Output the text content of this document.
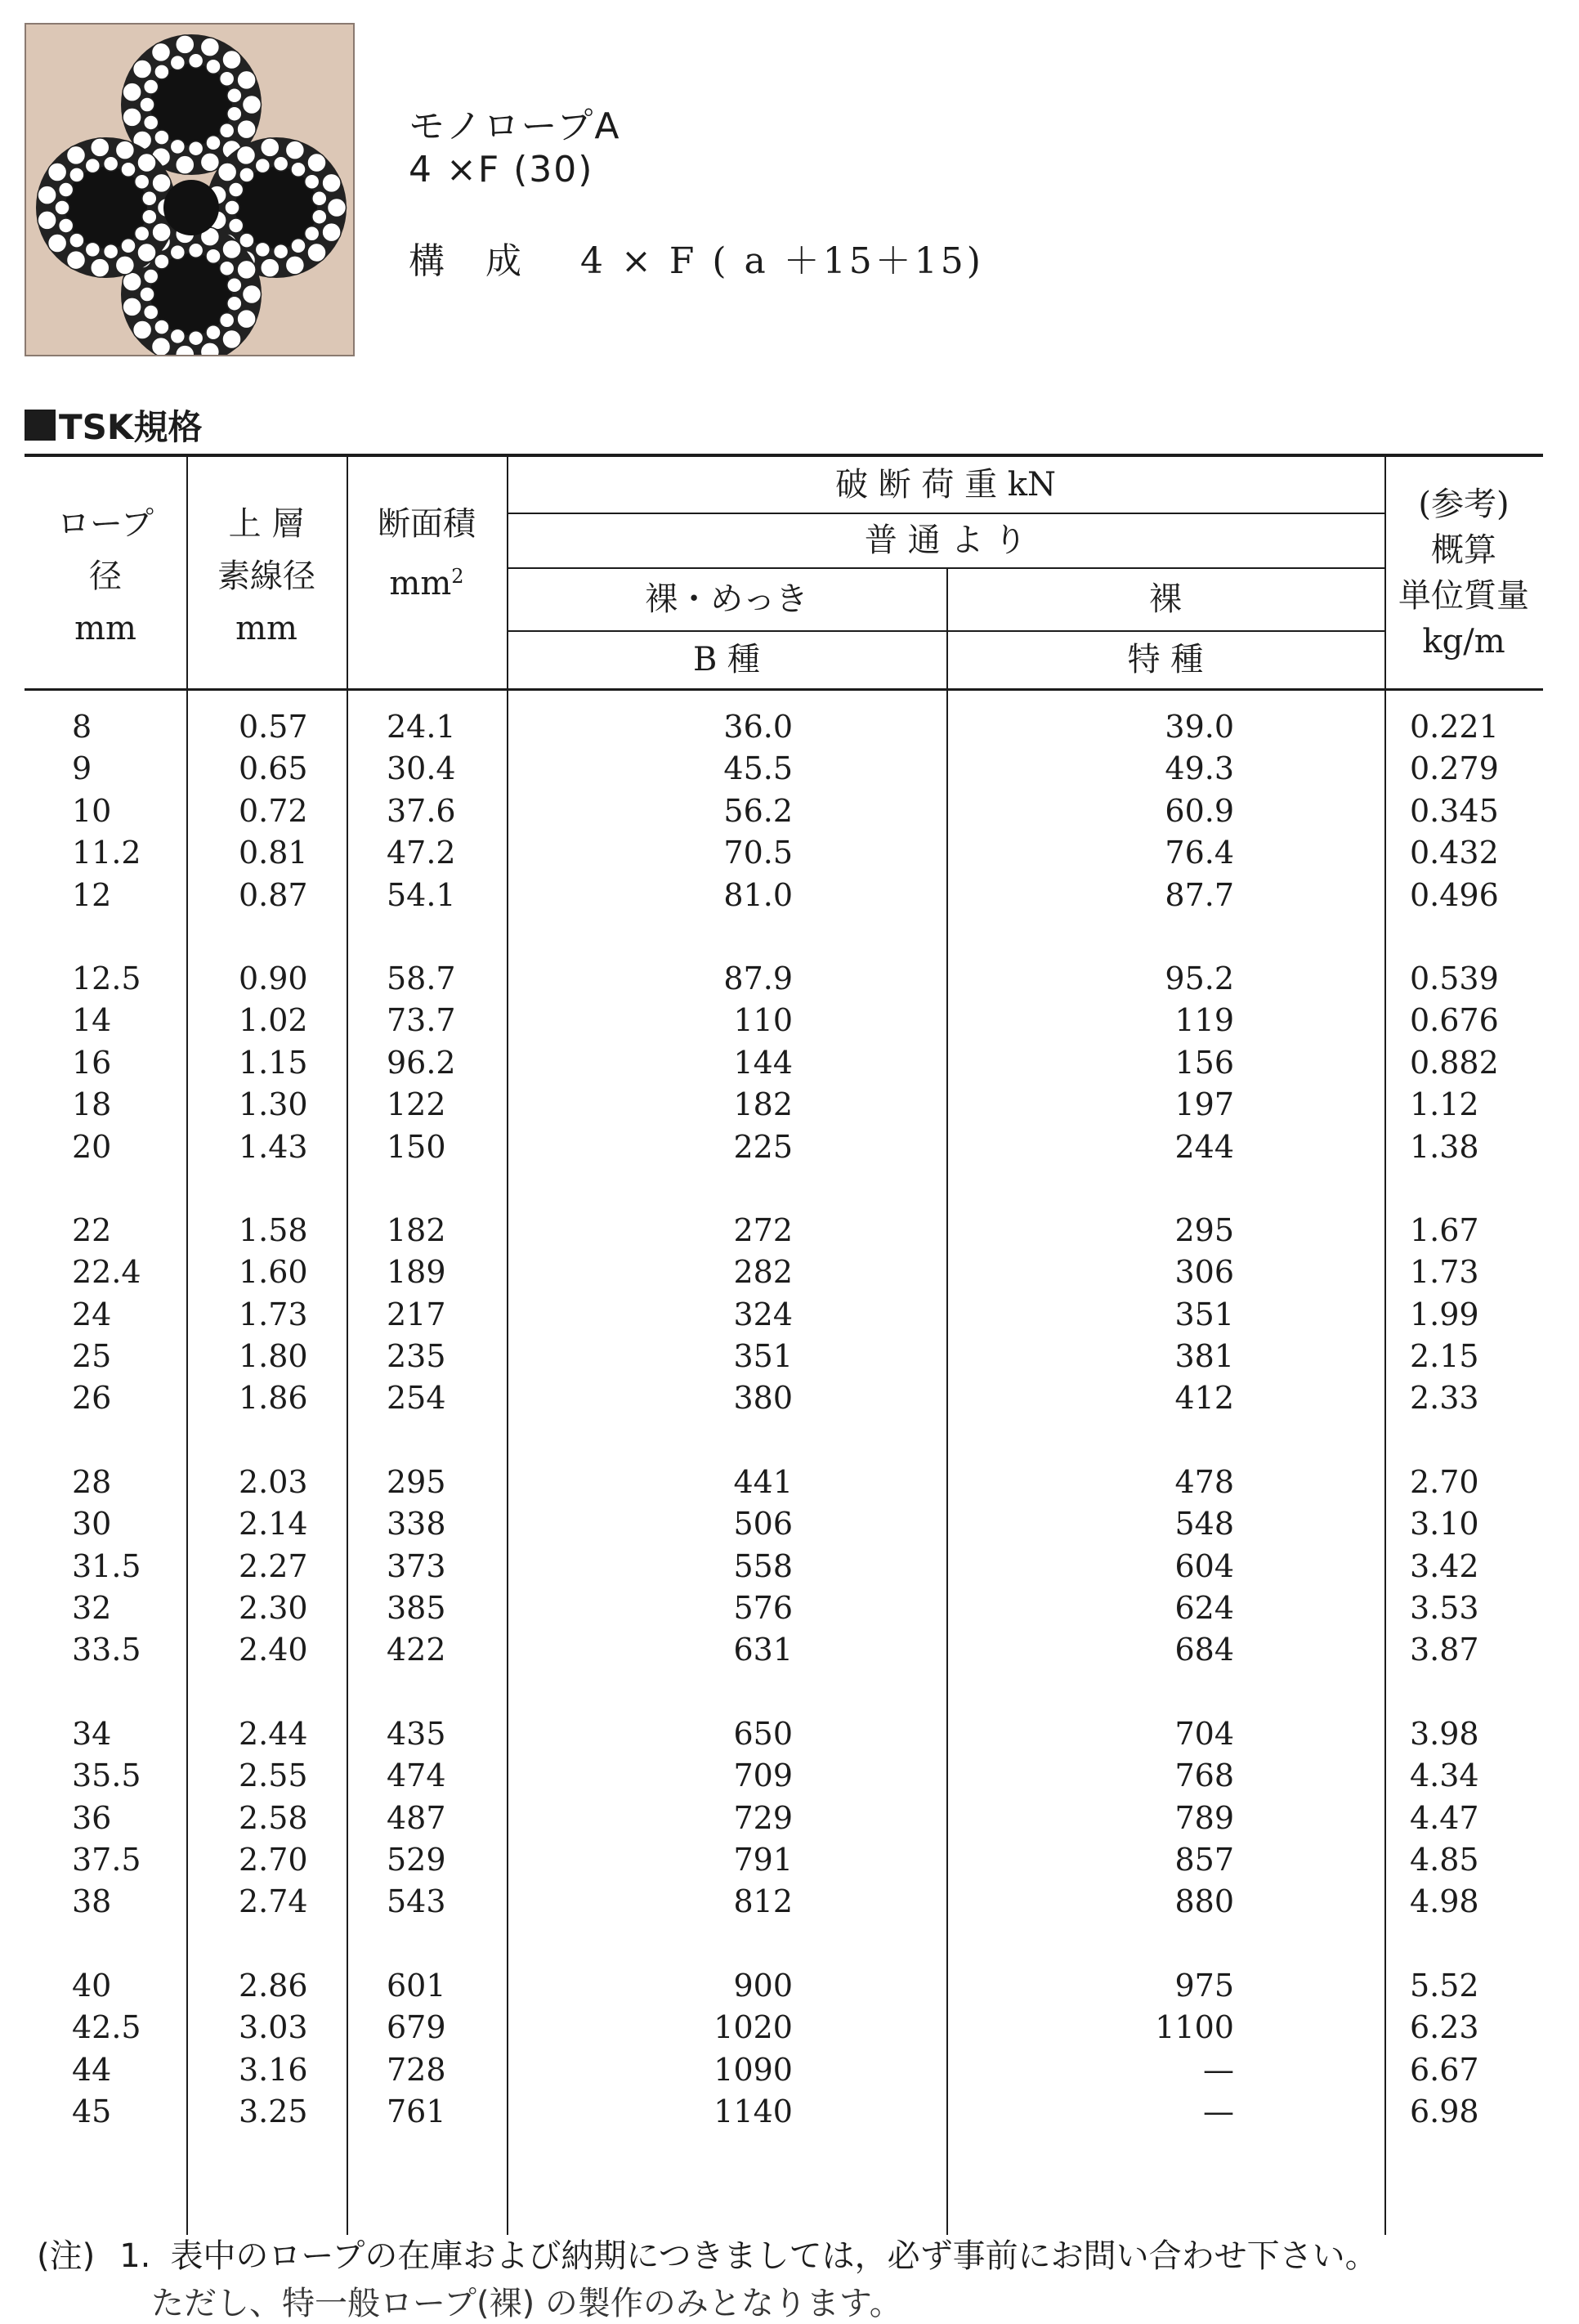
モノロープA
4 ×F (30)
構 成 4 × F ( a ＋15＋15)
TSK規格
ロープ
径
mm
上 層
素線径
mm
断面積
$mm^2$
破 断 荷 重 kN
普 通 よ り
裸・めっき	裸
B 種	特 種
(参考)
概算
単位質量
kg/m
8	0.57	24.1	36.0	39.0	0.221
9	0.65	30.4	45.5	49.3	0.279
10	0.72	37.6	56.2	60.9	0.345
11.2	0.81	47.2	70.5	76.4	0.432
12	0.87	54.1	81.0	87.7	0.496
12.5	0.90	58.7	87.9	95.2	0.539
14	1.02	73.7	110	119	0.676
16	1.15	96.2	144	156	0.882
18	1.30	122	182	197	1.12
20	1.43	150	225	244	1.38
22	1.58	182	272	295	1.67
22.4	1.60	189	282	306	1.73
24	1.73	217	324	351	1.99
25	1.80	235	351	381	2.15
26	1.86	254	380	412	2.33
28	2.03	295	441	478	2.70
30	2.14	338	506	548	3.10
31.5	2.27	373	558	604	3.42
32	2.30	385	576	624	3.53
33.5	2.40	422	631	684	3.87
34	2.44	435	650	704	3.98
35.5	2.55	474	709	768	4.34
36	2.58	487	729	789	4.47
37.5	2.70	529	791	857	4.85
38	2.74	543	812	880	4.98
40	2.86	601	900	975	5.52
42.5	3.03	679	1020	1100	6.23
44	3.16	728	1090	—	6.67
45	3.25	761	1140	—	6.98
(注) 1. 表中のロープの在庫および納期につきましては，必ず事前にお問い合わせ下さい。
ただし、特一般ロープ(裸) の製作のみとなります。
